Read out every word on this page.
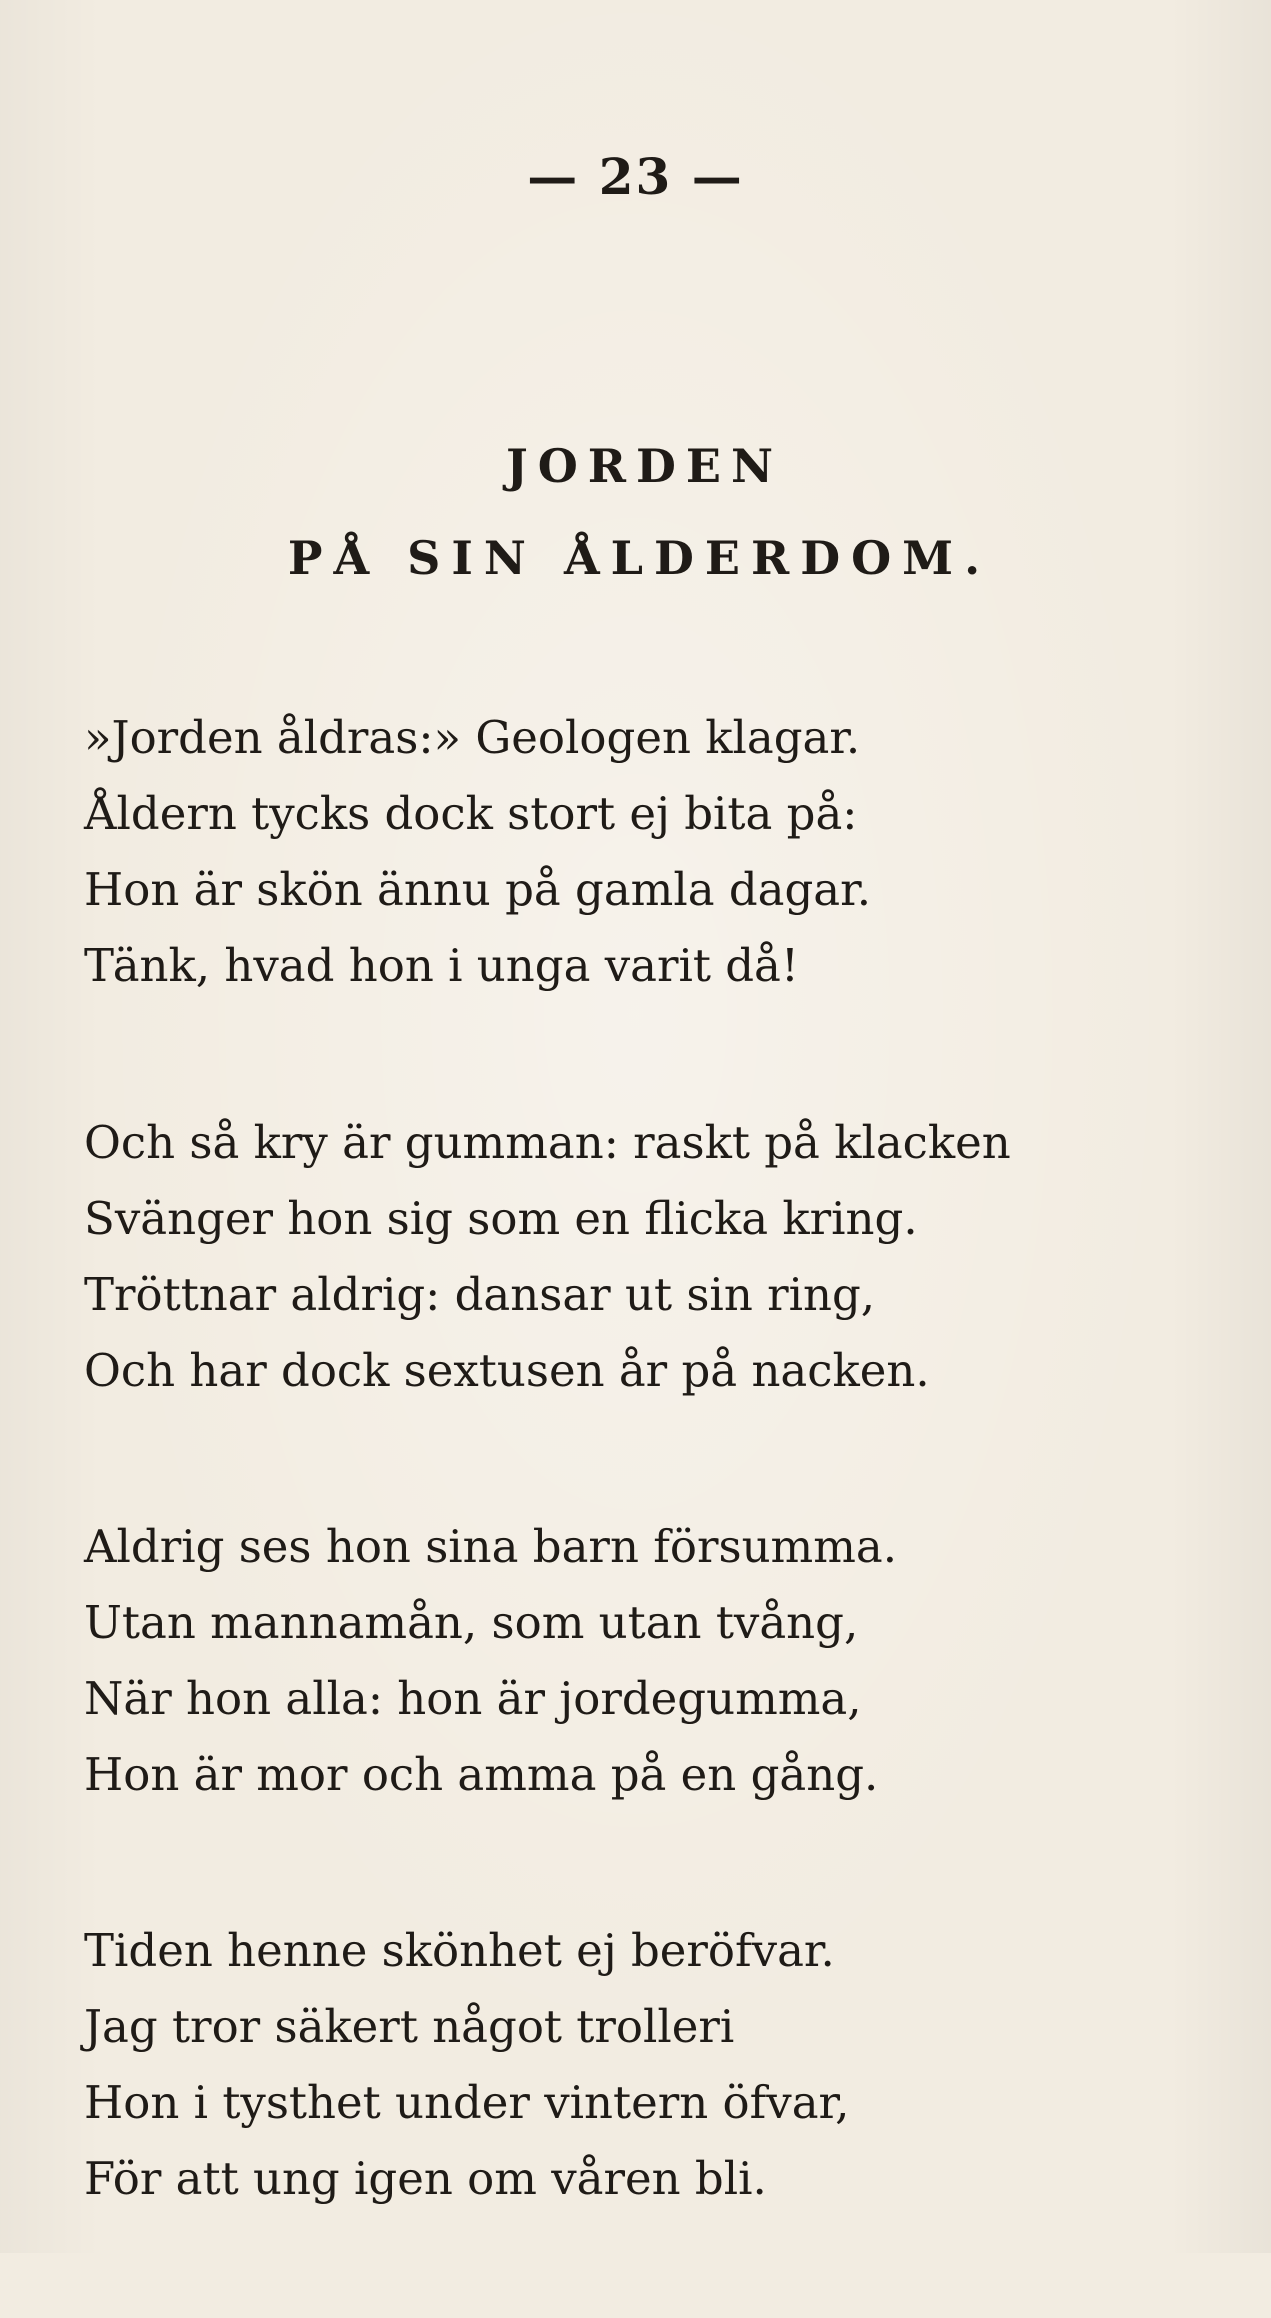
— 23 —
JORDEN
PÅ SIN ÅLDERDOM.
»Jorden åldras:» Geologen klagar.
Åldern tycks dock stort ej bita på:
Hon är skön ännu på gamla dagar.
Tänk, hvad hon i unga varit då!
Och så kry är gumman: raskt på klacken
Svänger hon sig som en flicka kring.
Tröttnar aldrig: dansar ut sin ring,
Och har dock sextusen år på nacken.
Aldrig ses hon sina barn försumma.
Utan mannamån, som utan tvång,
När hon alla: hon är jordegumma,
Hon är mor och amma på en gång.
Tiden henne skönhet ej beröfvar.
Jag tror säkert något trolleri
Hon i tysthet under vintern öfvar,
För att ung igen om våren bli.
